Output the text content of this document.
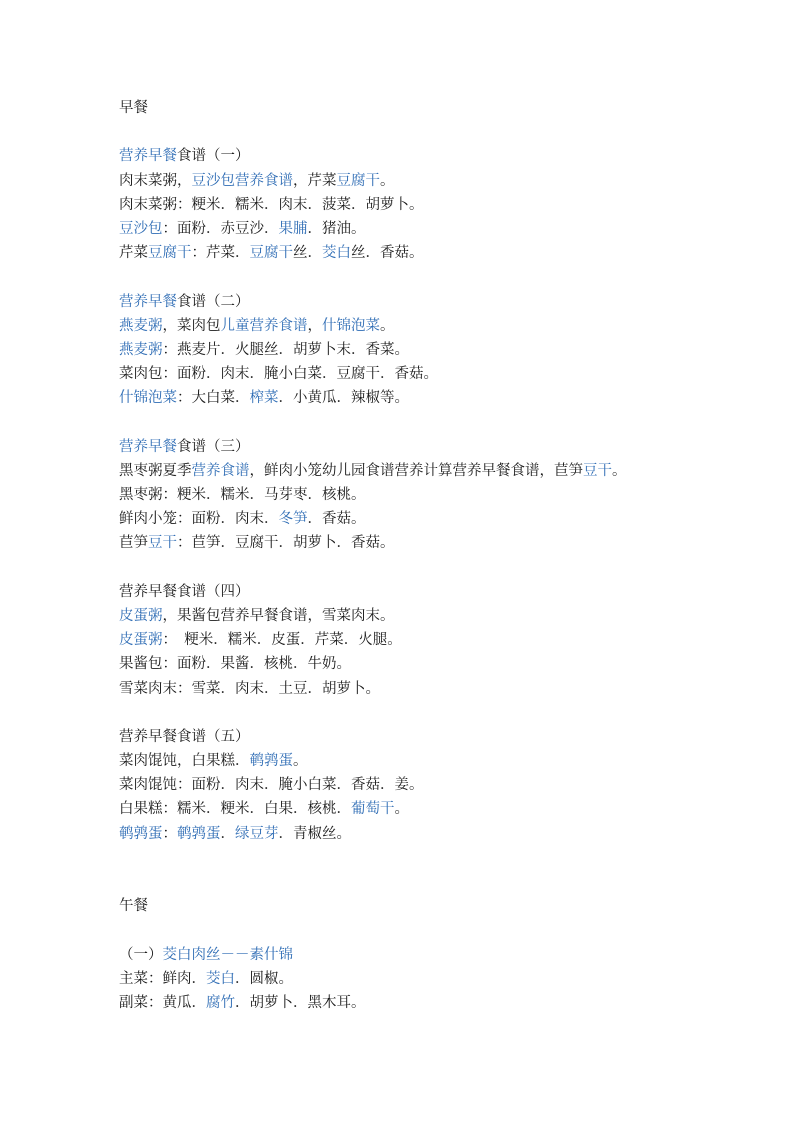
早餐
营养早餐食谱（一）
肉末菜粥，豆沙包营养食谱，芹菜豆腐干。
肉末菜粥：粳米．糯米．肉末．菠菜．胡萝卜。
豆沙包：面粉．赤豆沙．果脯．猪油。
芹菜豆腐干：芹菜．豆腐干丝．茭白丝．香菇。
营养早餐食谱（二）
燕麦粥，菜肉包儿童营养食谱，什锦泡菜。
燕麦粥：燕麦片．火腿丝．胡萝卜末．香菜。
菜肉包：面粉．肉末．腌小白菜．豆腐干．香菇。
什锦泡菜：大白菜．榨菜．小黄瓜．辣椒等。
营养早餐食谱（三）
黑枣粥夏季营养食谱，鲜肉小笼幼儿园食谱营养计算营养早餐食谱，苣笋豆干。
黑枣粥：粳米．糯米．马芽枣．核桃。
鲜肉小笼：面粉．肉末．冬笋．香菇。
苣笋豆干：苣笋．豆腐干．胡萝卜．香菇。
营养早餐食谱（四）
皮蛋粥，果酱包营养早餐食谱，雪菜肉末。
皮蛋粥：　粳米．糯米．皮蛋．芹菜．火腿。
果酱包：面粉．果酱．核桃．牛奶。
雪菜肉末：雪菜．肉末．土豆．胡萝卜。
营养早餐食谱（五）
菜肉馄饨，白果糕．鹌鹑蛋。
菜肉馄饨：面粉．肉末．腌小白菜．香菇．姜。
白果糕：糯米．粳米．白果．核桃．葡萄干。
鹌鹑蛋：鹌鹑蛋．绿豆芽．青椒丝。
午餐
（一）茭白肉丝－－素什锦
主菜：鲜肉．茭白．圆椒。
副菜：黄瓜．腐竹．胡萝卜．黑木耳。
